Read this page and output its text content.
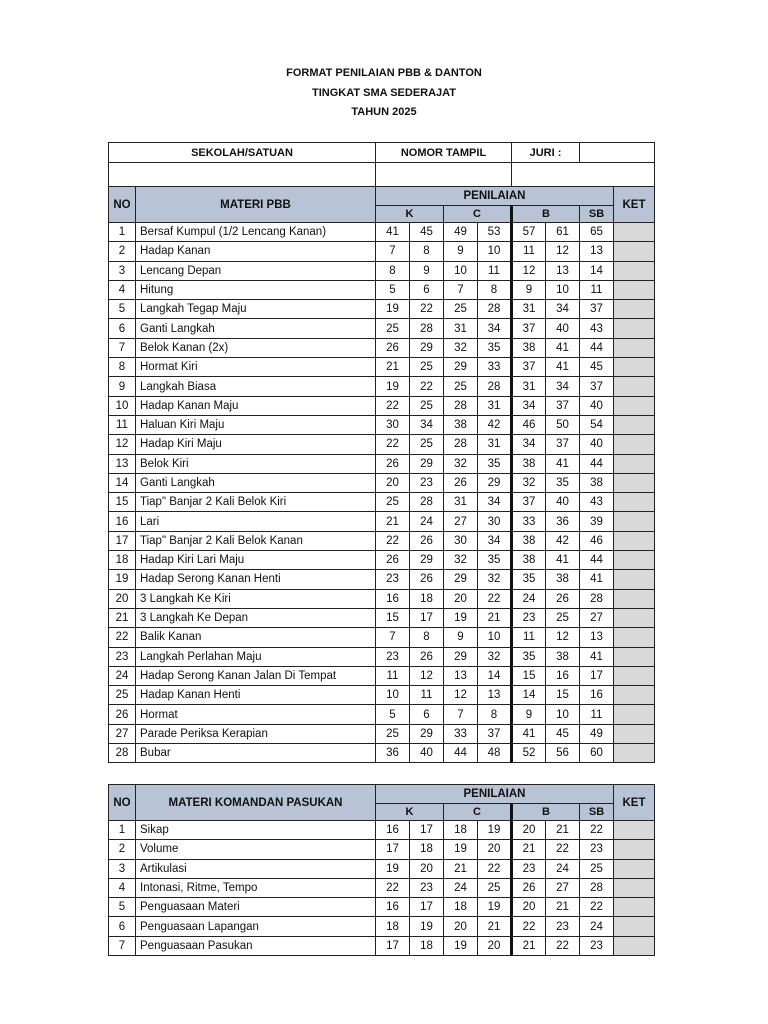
FORMAT PENILAIAN PBB & DANTON
TINGKAT SMA SEDERAJAT
TAHUN 2025
SEKOLAH/SATUAN		NOMOR TAMPIL				JURI :			

NO	MATERI PBB	PENILAIAN							KET
		K		C		B		SB	
1	Bersaf Kumpul (1/2 Lencang Kanan)	41	45	49	53	57	61	65	
2	Hadap Kanan	7	8	9	10	11	12	13	
3	Lencang Depan	8	9	10	11	12	13	14	
4	Hitung	5	6	7	8	9	10	11	
5	Langkah Tegap Maju	19	22	25	28	31	34	37	
6	Ganti Langkah	25	28	31	34	37	40	43	
7	Belok Kanan (2x)	26	29	32	35	38	41	44	
8	Hormat Kiri	21	25	29	33	37	41	45	
9	Langkah Biasa	19	22	25	28	31	34	37	
10	Hadap Kanan Maju	22	25	28	31	34	37	40	
11	Haluan Kiri Maju	30	34	38	42	46	50	54	
12	Hadap Kiri Maju	22	25	28	31	34	37	40	
13	Belok Kiri	26	29	32	35	38	41	44	
14	Ganti Langkah	20	23	26	29	32	35	38	
15	Tiap" Banjar 2 Kali Belok Kiri	25	28	31	34	37	40	43	
16	Lari	21	24	27	30	33	36	39	
17	Tiap" Banjar 2 Kali Belok Kanan	22	26	30	34	38	42	46	
18	Hadap Kiri Lari Maju	26	29	32	35	38	41	44	
19	Hadap Serong Kanan Henti	23	26	29	32	35	38	41	
20	3 Langkah Ke Kiri	16	18	20	22	24	26	28	
21	3 Langkah Ke Depan	15	17	19	21	23	25	27	
22	Balik Kanan	7	8	9	10	11	12	13	
23	Langkah Perlahan Maju	23	26	29	32	35	38	41	
24	Hadap Serong Kanan Jalan Di Tempat	11	12	13	14	15	16	17	
25	Hadap Kanan Henti	10	11	12	13	14	15	16	
26	Hormat	5	6	7	8	9	10	11	
27	Parade Periksa Kerapian	25	29	33	37	41	45	49	
28	Bubar	36	40	44	48	52	56	60	
NO	MATERI KOMANDAN PASUKAN	PENILAIAN							KET
		K		C		B		SB	
1	Sikap	16	17	18	19	20	21	22	
2	Volume	17	18	19	20	21	22	23	
3	Artikulasi	19	20	21	22	23	24	25	
4	Intonasi, Ritme, Tempo	22	23	24	25	26	27	28	
5	Penguasaan Materi	16	17	18	19	20	21	22	
6	Penguasaan Lapangan	18	19	20	21	22	23	24	
7	Penguasaan Pasukan	17	18	19	20	21	22	23	
